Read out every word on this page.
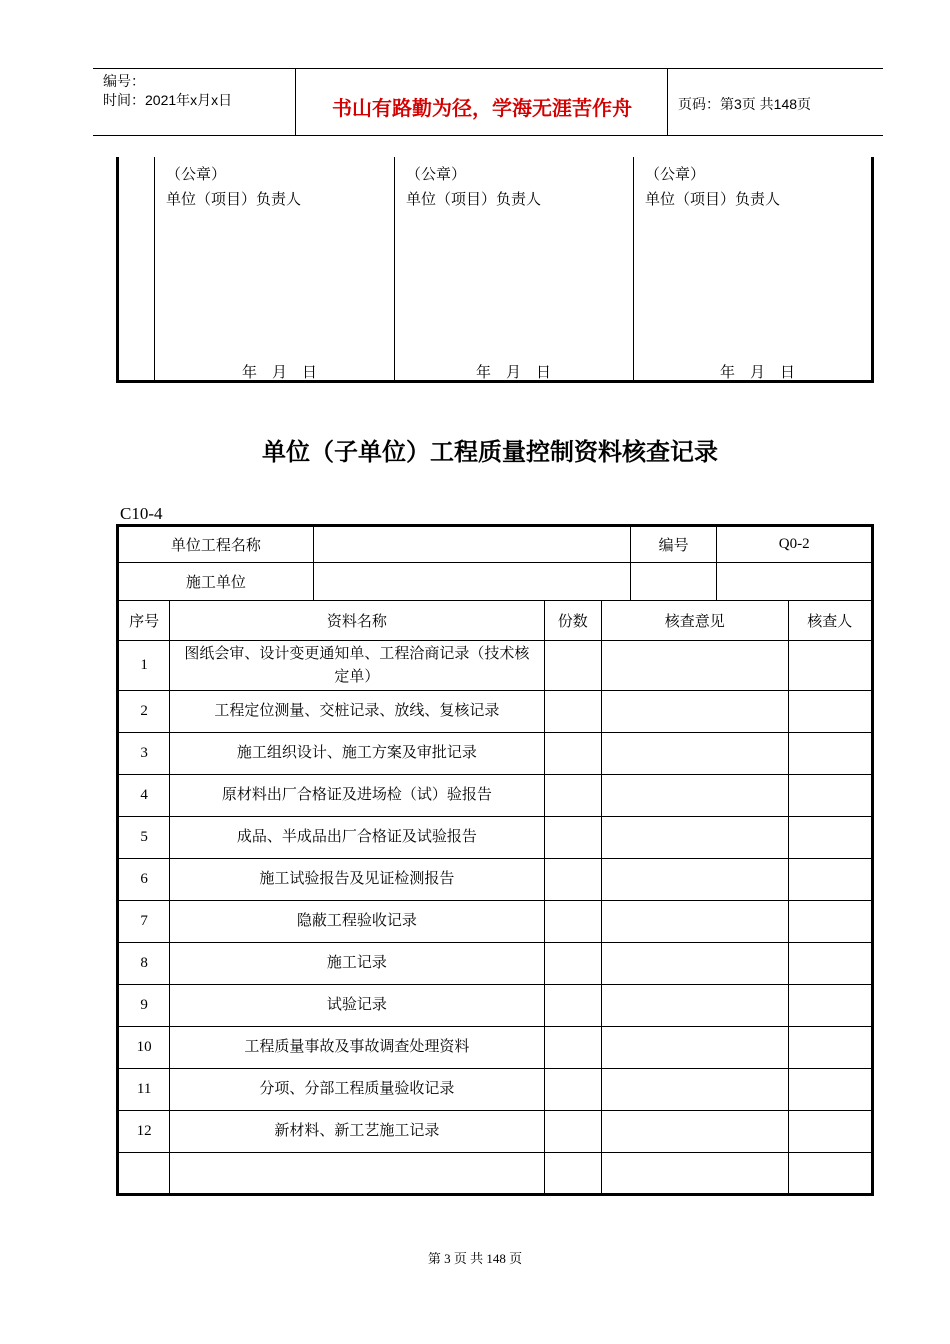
编号：
时间：2021年x月x日	书山有路勤为径，学海无涯苦作舟	页码：第3页 共148页
（公章）
单位（项目）负责人
年    月    日
（公章）
单位（项目）负责人
年    月    日
（公章）
单位（项目）负责人
年    月    日
单位（子单位）工程质量控制资料核查记录
C10-4
单位工程名称					编号	Q0-2	
施工单位							
序号	资料名称		份数	核查意见			核查人
1	图纸会审、设计变更通知单、工程洽商记录（技术核定单）						
2	工程定位测量、交桩记录、放线、复核记录						
3	施工组织设计、施工方案及审批记录						
4	原材料出厂合格证及进场检（试）验报告						
5	成品、半成品出厂合格证及试验报告						
6	施工试验报告及见证检测报告						
7	隐蔽工程验收记录						
8	施工记录						
9	试验记录						
10	工程质量事故及事故调查处理资料						
11	分项、分部工程质量验收记录						
12	新材料、新工艺施工记录						

第 3 页 共 148 页
